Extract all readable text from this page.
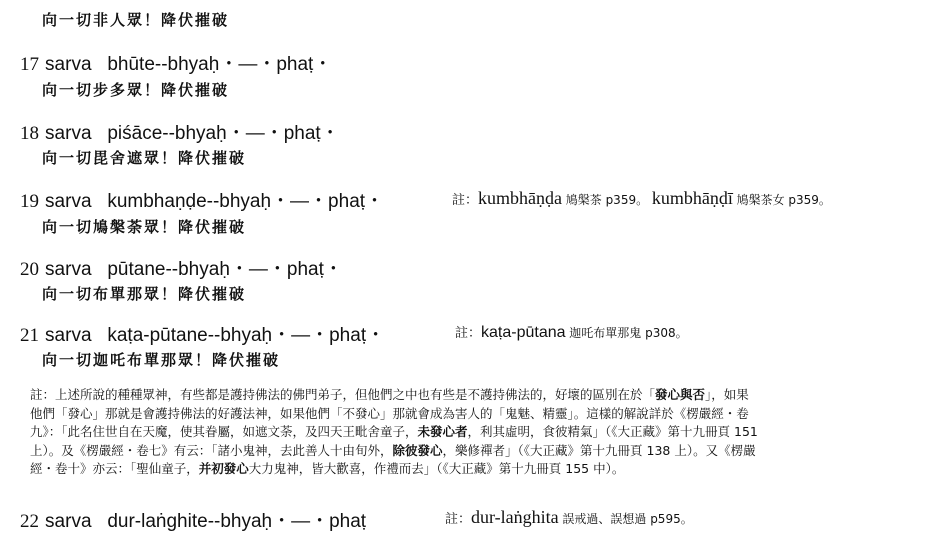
向一切非人眾！降伏摧破
17 sarva   bhūte--bhyaḥ・—・phaṭ・
向一切步多眾！降伏摧破
18 sarva   piśāce--bhyaḥ・—・phaṭ・
向一切毘舍遮眾！降伏摧破
19 sarva   kumbhaṇḍe--bhyaḥ・—・phaṭ・	註：kumbhāṇḍa 鳩槃茶 p359。 kumbhāṇḍī 鳩槃茶女 p359。
向一切鳩槃荼眾！降伏摧破
20 sarva   pūtane--bhyaḥ・—・phaṭ・
向一切布單那眾！降伏摧破
21 sarva   kaṭa-pūtane--bhyaḥ・—・phaṭ・	註：kaṭa-pūtana 迦吒布單那鬼 p308。
向一切迦吒布單那眾！降伏摧破

註：上述所說的種種眾神，有些都是護持佛法的佛門弟子，但他們之中也有些是不護持佛法的，好壞的區別在於「發心與否」，如果

他們「發心」那就是會護持佛法的好護法神，如果他們「不發心」那就會成為害人的「鬼魅、精靈」。這樣的解說詳於《楞嚴經・卷

九》：「此名住世自在天魔，使其眷屬，如遮文荼，及四天王毗舍童子，未發心者，利其虛明，食彼精氣」（《大正藏》第十九冊頁 151

上）。及《楞嚴經・卷七》有云：「諸小鬼神，去此善人十由旬外，除彼發心，樂修禪者」（《大正藏》第十九冊頁 138 上）。又《楞嚴

經・卷十》亦云：「聖仙童子，并初發心大力鬼神，皆大歡喜，作禮而去」（《大正藏》第十九冊頁 155 中）。

22 sarva   dur-laṅghite--bhyaḥ・—・phaṭ	註：dur-laṅghita 誤戒過、誤想過 p595。
